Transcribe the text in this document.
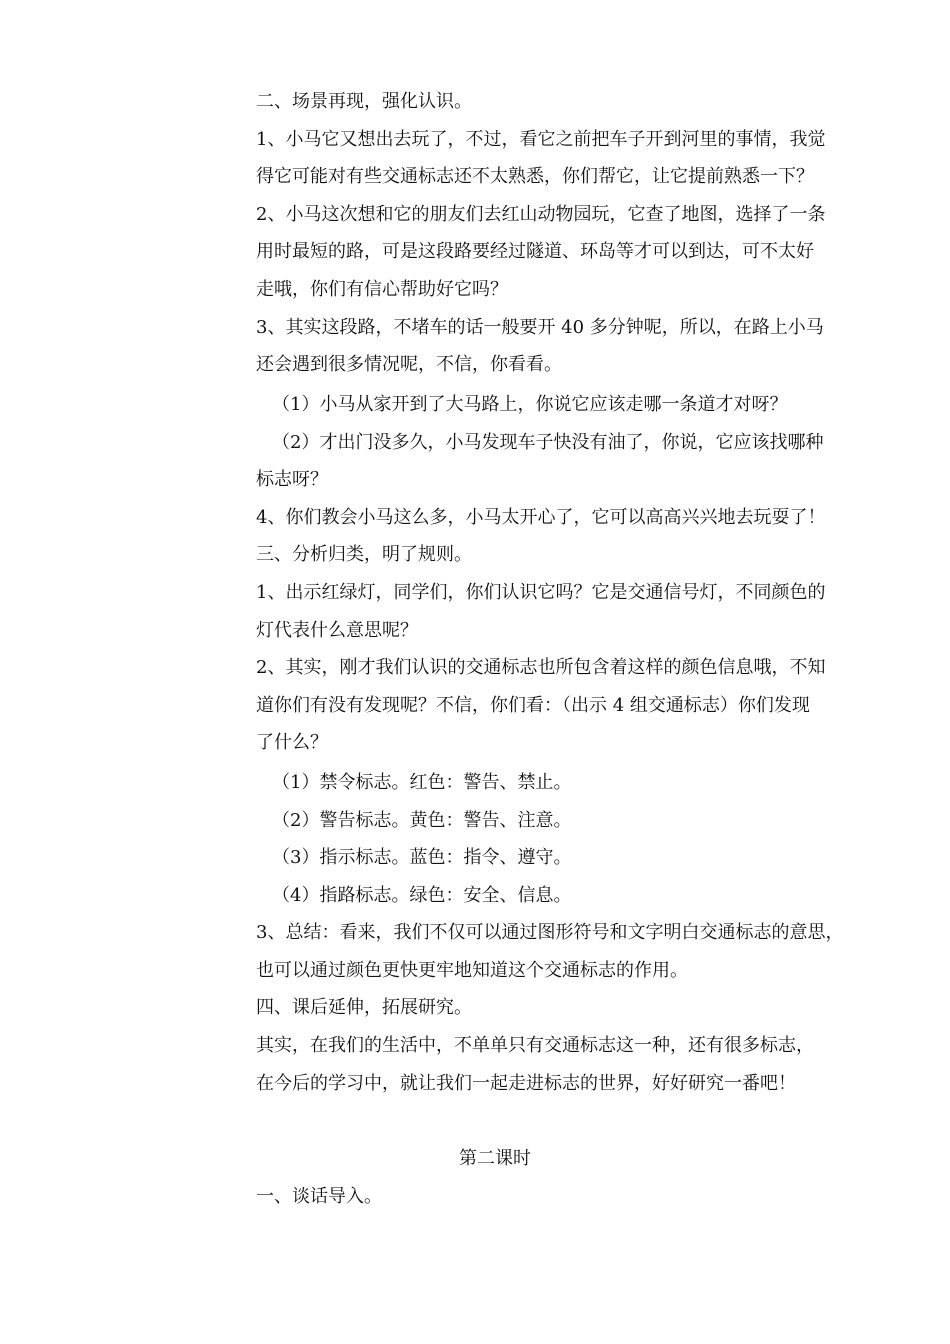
二、场景再现，强化认识。
1、小马它又想出去玩了，不过，看它之前把车子开到河里的事情，我觉
得它可能对有些交通标志还不太熟悉，你们帮它，让它提前熟悉一下？
2、小马这次想和它的朋友们去红山动物园玩，它查了地图，选择了一条
用时最短的路，可是这段路要经过隧道、环岛等才可以到达，可不太好
走哦，你们有信心帮助好它吗？
3、其实这段路，不堵车的话一般要开 40 多分钟呢，所以，在路上小马
还会遇到很多情况呢，不信，你看看。
（1）小马从家开到了大马路上，你说它应该走哪一条道才对呀？
（2）才出门没多久，小马发现车子快没有油了，你说，它应该找哪种
标志呀？
4、你们教会小马这么多，小马太开心了，它可以高高兴兴地去玩耍了！
三、分析归类，明了规则。
1、出示红绿灯，同学们，你们认识它吗？它是交通信号灯，不同颜色的
灯代表什么意思呢？
2、其实，刚才我们认识的交通标志也所包含着这样的颜色信息哦，不知
道你们有没有发现呢？不信，你们看：（出示 4 组交通标志）你们发现
了什么？
（1）禁令标志。红色：警告、禁止。
（2）警告标志。黄色：警告、注意。
（3）指示标志。蓝色：指令、遵守。
（4）指路标志。绿色：安全、信息。
3、总结：看来，我们不仅可以通过图形符号和文字明白交通标志的意思，
也可以通过颜色更快更牢地知道这个交通标志的作用。
四、课后延伸，拓展研究。
其实，在我们的生活中，不单单只有交通标志这一种，还有很多标志，
在今后的学习中，就让我们一起走进标志的世界，好好研究一番吧！
第二课时
一、谈话导入。
